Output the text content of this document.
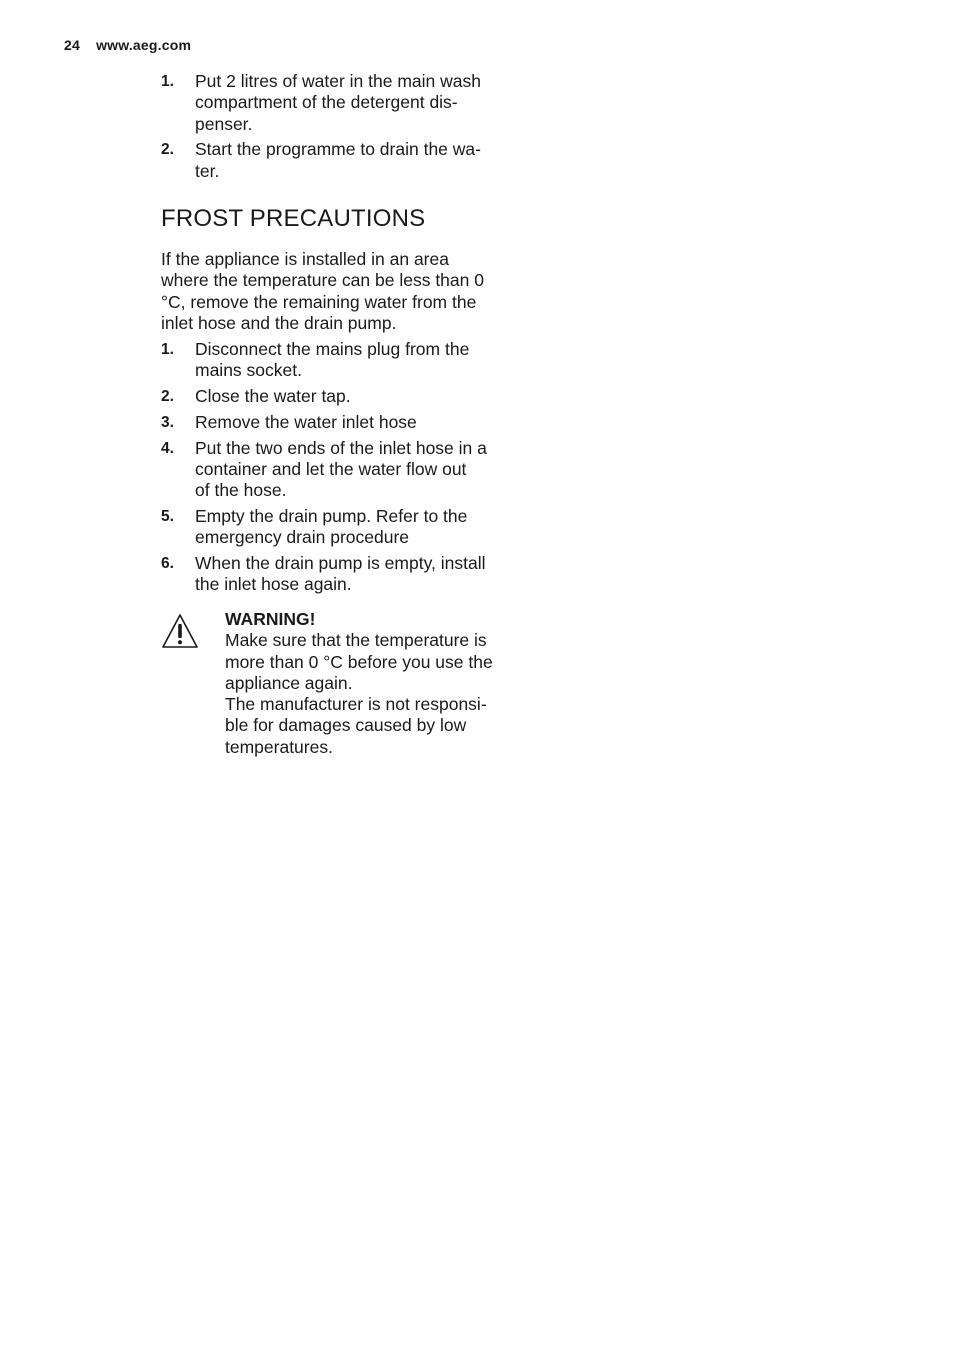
24 www.aeg.com
1. Put 2 litres of water in the main wash
compartment of the detergent dis-
penser.
2. Start the programme to drain the wa-
ter.
FROST PRECAUTIONS

If the appliance is installed in an area
where the temperature can be less than 0
°C, remove the remaining water from the
inlet hose and the drain pump.

1. Disconnect the mains plug from the
mains socket.
2. Close the water tap.
3. Remove the water inlet hose
4. Put the two ends of the inlet hose in a
container and let the water flow out
of the hose.
5. Empty the drain pump. Refer to the
emergency drain procedure
6. When the drain pump is empty, install
the inlet hose again.
WARNING!
Make sure that the temperature is
more than 0 °C before you use the
appliance again.
The manufacturer is not responsi-
ble for damages caused by low
temperatures.
